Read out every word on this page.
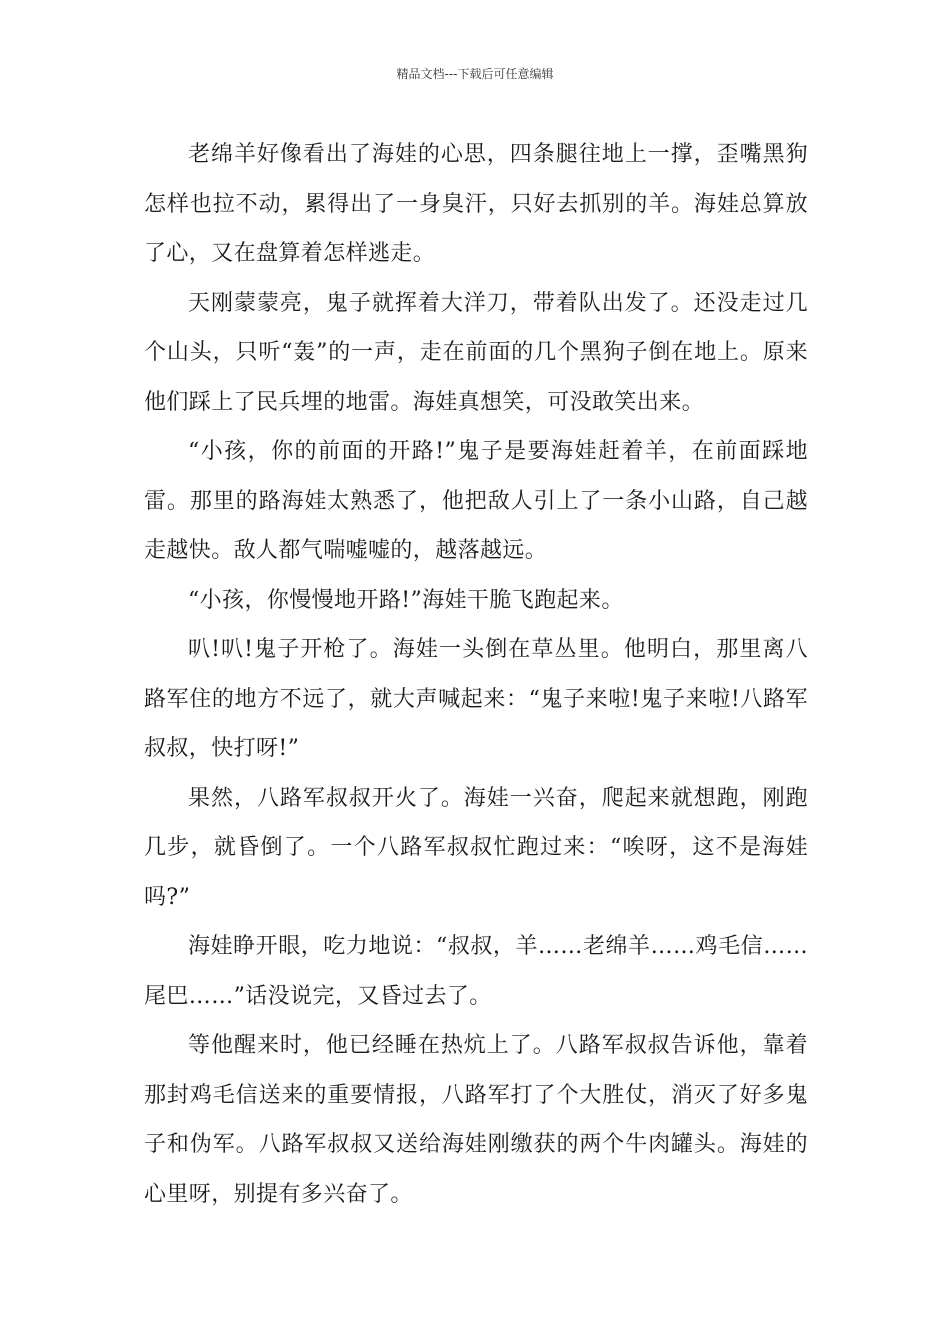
精品文档---下载后可任意编辑

老绵羊好像看出了海娃的心思，四条腿往地上一撑，歪嘴黑狗怎样也拉不动，累得出了一身臭汗，只好去抓别的羊。海娃总算放了心，又在盘算着怎样逃走。

天刚蒙蒙亮，鬼子就挥着大洋刀，带着队出发了。还没走过几个山头，只听“轰”的一声，走在前面的几个黑狗子倒在地上。原来他们踩上了民兵埋的地雷。海娃真想笑，可没敢笑出来。

“小孩，你的前面的开路!”鬼子是要海娃赶着羊，在前面踩地雷。那里的路海娃太熟悉了，他把敌人引上了一条小山路，自己越走越快。敌人都气喘嘘嘘的，越落越远。

“小孩，你慢慢地开路!”海娃干脆飞跑起来。

叭!叭!鬼子开枪了。海娃一头倒在草丛里。他明白，那里离八路军住的地方不远了，就大声喊起来：“鬼子来啦!鬼子来啦!八路军叔叔，快打呀!”

果然，八路军叔叔开火了。海娃一兴奋，爬起来就想跑，刚跑几步，就昏倒了。一个八路军叔叔忙跑过来：“唉呀，这不是海娃吗?”

海娃睁开眼，吃力地说：“叔叔，羊……老绵羊……鸡毛信……尾巴……”话没说完，又昏过去了。

等他醒来时，他已经睡在热炕上了。八路军叔叔告诉他，靠着那封鸡毛信送来的重要情报，八路军打了个大胜仗，消灭了好多鬼子和伪军。八路军叔叔又送给海娃刚缴获的两个牛肉罐头。海娃的心里呀，别提有多兴奋了。
